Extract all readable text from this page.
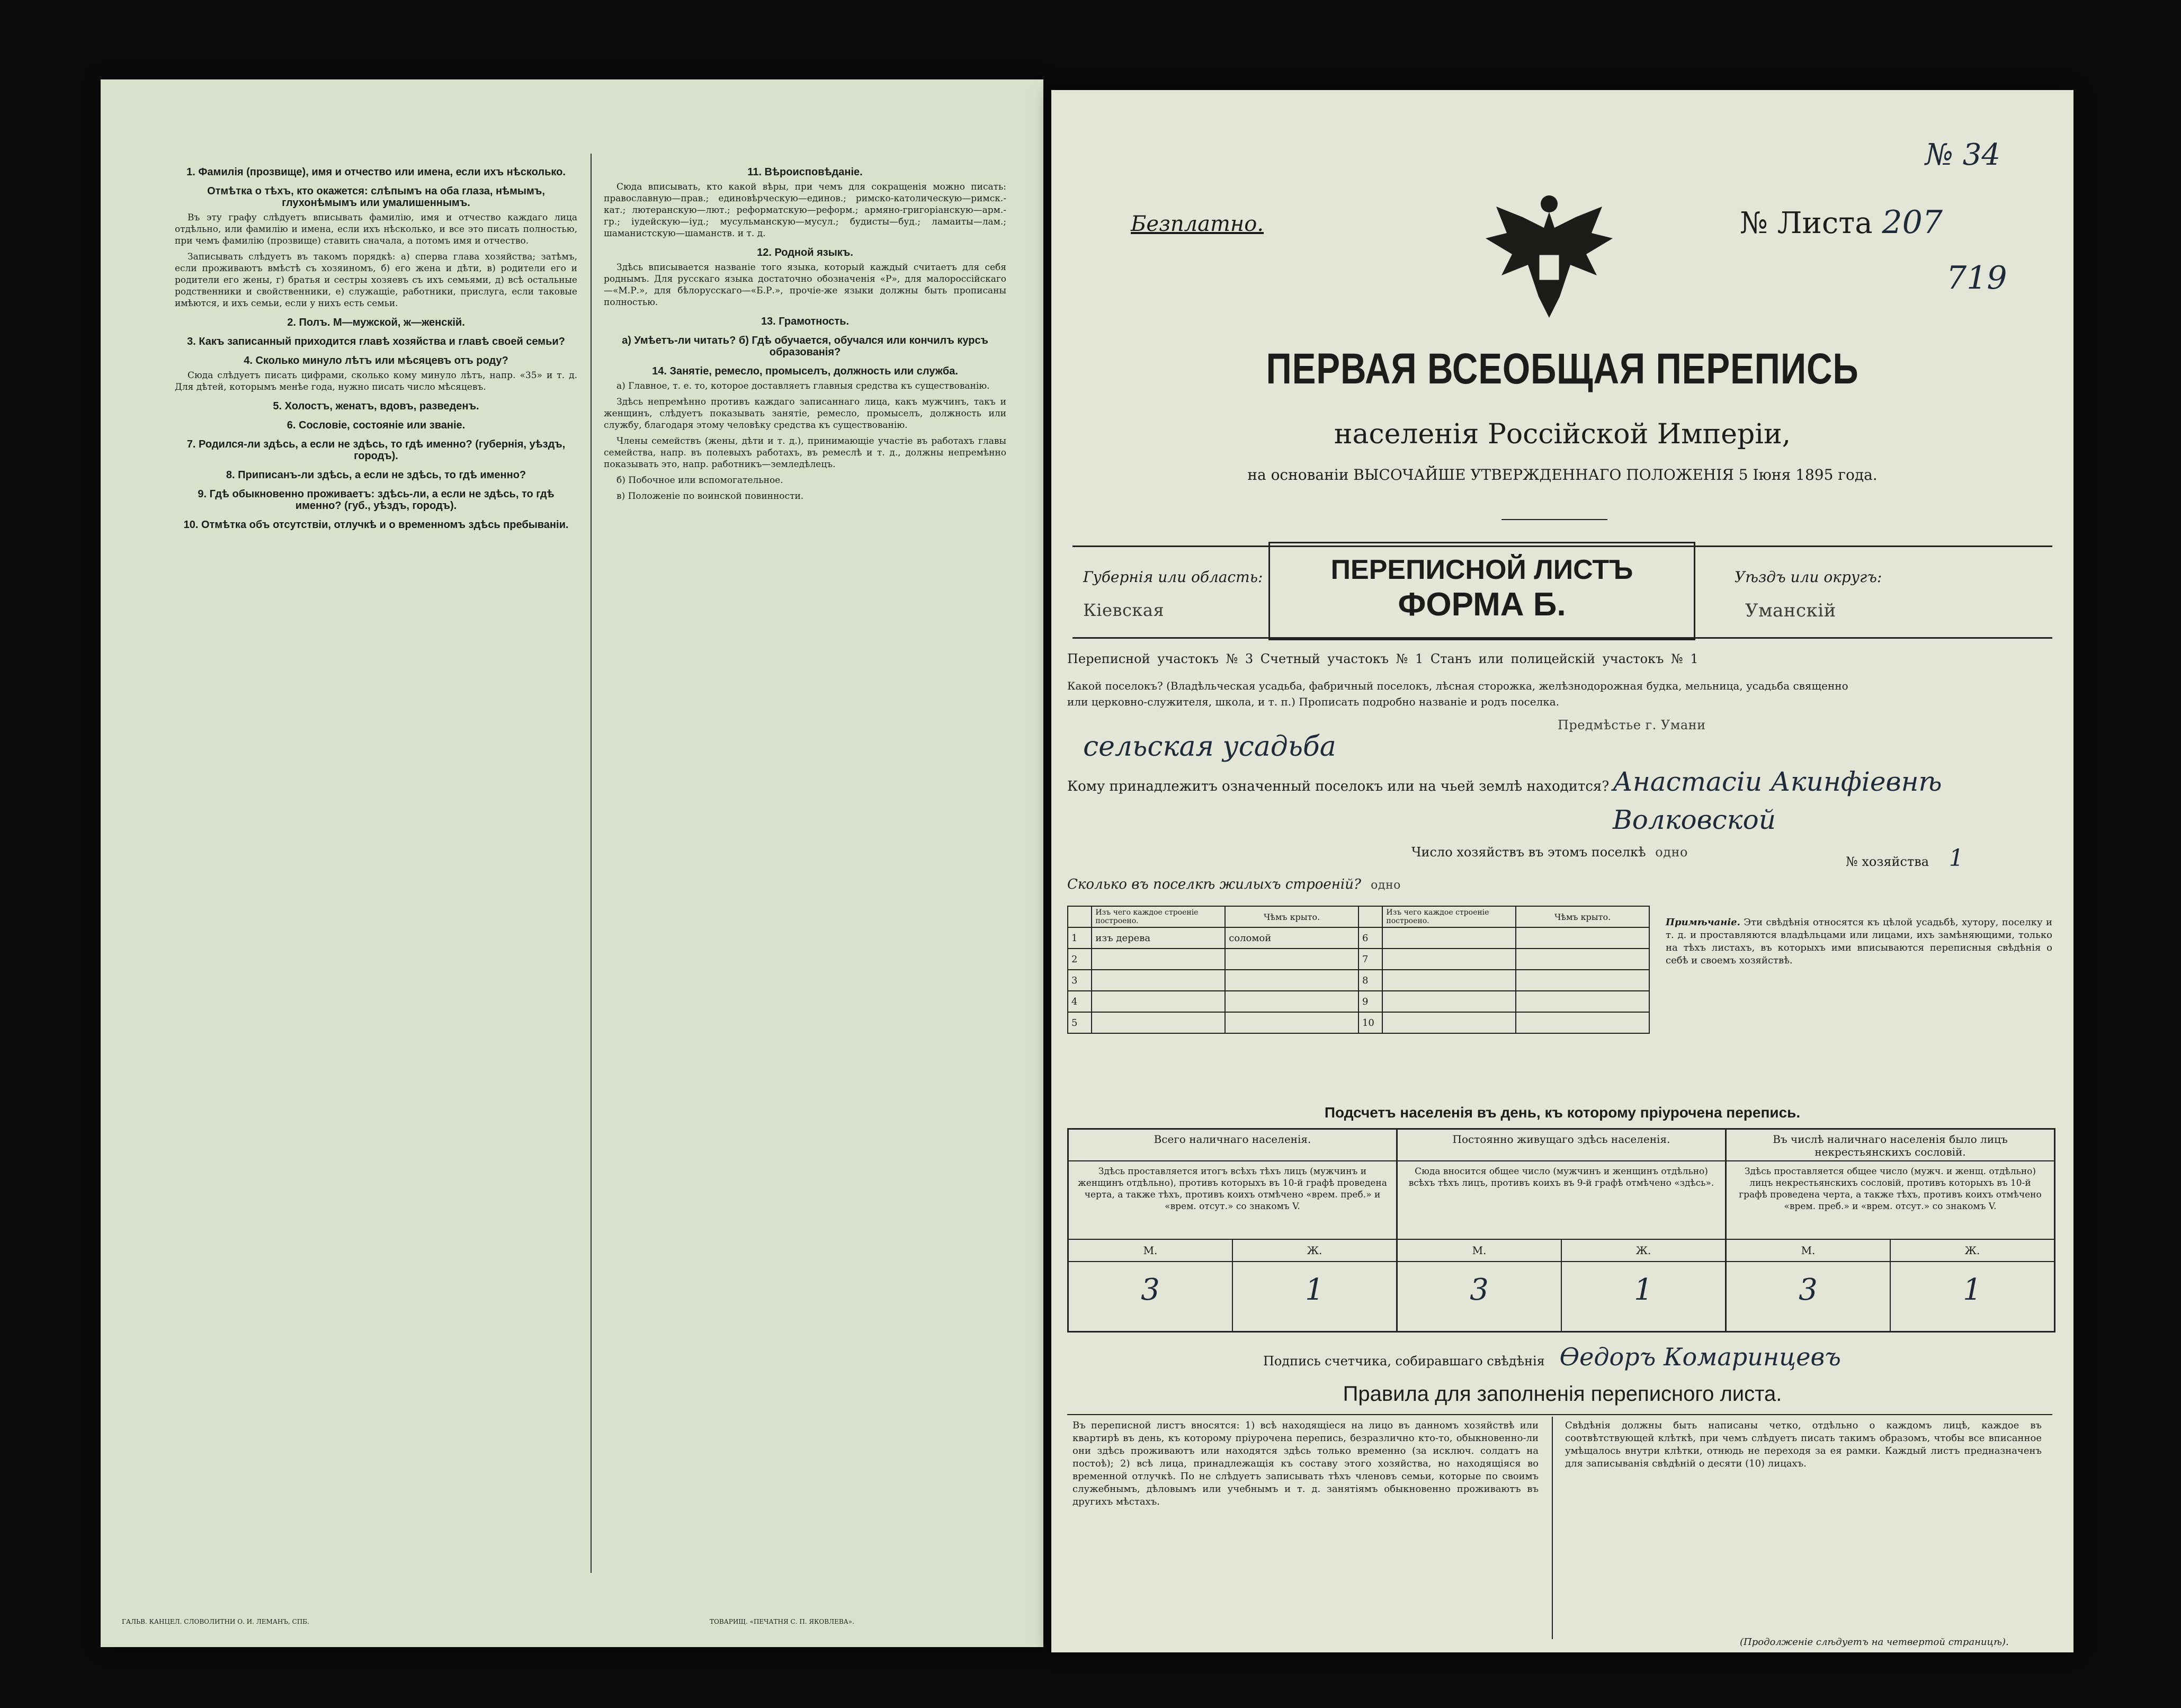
1. Фамилія (прозвище), имя и отчество или имена, если ихъ нѣсколько.
Отмѣтка о тѣхъ, кто окажется: слѣпымъ на оба глаза, нѣмымъ, глухонѣмымъ или умалишеннымъ.

Въ эту графу слѣдуетъ вписывать фамилію, имя и отчество каждаго лица отдѣльно, или фамилію и имена, если ихъ нѣсколько, и все это писать полностью, при чемъ фамилію (прозвище) ставить сначала, а потомъ имя и отчество.

Записывать слѣдуетъ въ такомъ порядкѣ: а) сперва глава хозяйства; затѣмъ, если проживаютъ вмѣстѣ съ хозяиномъ, б) его жена и дѣти, в) родители его и родители его жены, г) братья и сестры хозяевъ съ ихъ семьями, д) всѣ остальные родственники и свойственники, е) служащіе, работники, прислуга, если таковые имѣются, и ихъ семьи, если у нихъ есть семьи.

2. Полъ. М—мужской, ж—женскій.
3. Какъ записанный приходится главѣ хозяйства и главѣ своей семьи?
4. Сколько минуло лѣтъ или мѣсяцевъ отъ роду?

Сюда слѣдуетъ писать цифрами, сколько кому минуло лѣтъ, напр. «35» и т. д. Для дѣтей, которымъ менѣе года, нужно писать число мѣсяцевъ.

5. Холостъ, женатъ, вдовъ, разведенъ.
6. Сословіе, состояніе или званіе.
7. Родился-ли здѣсь, а если не здѣсь, то гдѣ именно? (губернія, уѣздъ, городъ).
8. Приписанъ-ли здѣсь, а если не здѣсь, то гдѣ именно?
9. Гдѣ обыкновенно проживаетъ: здѣсь-ли, а если не здѣсь, то гдѣ именно? (губ., уѣздъ, городъ).
10. Отмѣтка объ отсутствіи, отлучкѣ и о временномъ здѣсь пребываніи.
11. Вѣроисповѣданіе.

Сюда вписывать, кто какой вѣры, при чемъ для сокращенія можно писать: православную—прав.; единовѣрческую—единов.; римско-католическую—римск.-кат.; лютеранскую—лют.; реформатскую—реформ.; армяно-григоріанскую—арм.-гр.; іудейскую—іуд.; мусульманскую—мусул.; будисты—буд.; ламаиты—лам.; шаманистскую—шаманств. и т. д.

12. Родной языкъ.

Здѣсь вписывается названіе того языка, который каждый считаетъ для себя роднымъ. Для русскаго языка достаточно обозначенія «Р», для малороссійскаго—«М.Р.», для бѣлорусскаго—«Б.Р.», прочіе-же языки должны быть прописаны полностью.

13. Грамотность.
а) Умѣетъ-ли читать? б) Гдѣ обучается, обучался или кончилъ курсъ образованія?
14. Занятіе, ремесло, промыселъ, должность или служба.

а) Главное, т. е. то, которое доставляетъ главныя средства къ существованію.

Здѣсь непремѣнно противъ каждаго записаннаго лица, какъ мужчинъ, такъ и женщинъ, слѣдуетъ показывать занятіе, ремесло, промыселъ, должность или службу, благодаря этому человѣку средства къ существованію.

Члены семействъ (жены, дѣти и т. д.), принимающіе участіе въ работахъ главы семейства, напр. въ полевыхъ работахъ, въ ремеслѣ и т. д., должны непремѣнно показывать это, напр. работникъ—земледѣлецъ.

б) Побочное или вспомогательное.

в) Положеніе по воинской повинности.

ГАЛЬВ. КАНЦЕЛ. СЛОВОЛИТНИ О. И. ЛЕМАНЪ, СПБ.	ТОВАРИЩ. «ПЕЧАТНЯ С. П. ЯКОВЛЕВА».
№ 34
719
Безплатно.	№ Листа 207
ПЕРВАЯ ВСЕОБЩАЯ ПЕРЕПИСЬ
населенія Россійской Имперіи,
на основаніи ВЫСОЧАЙШЕ УТВЕРЖДЕННАГО ПОЛОЖЕНІЯ 5 Іюня 1895 года.
Губернія или область:
Кіевская
ПЕРЕПИСНОЙ ЛИСТЪ
ФОРМА Б.
Уѣздъ или округъ:
Уманскій
Переписной участокъ № 3 Счетный участокъ № 1 Станъ или полицейскій участокъ № 1
Какой поселокъ? (Владѣльческая усадьба, фабричный поселокъ, лѣсная сторожка, желѣзнодорожная будка, мельница, усадьба священно или церковно-служителя, школа, и т. п.) Прописать подробно названіе и родъ поселка.
Предмѣстье г. Умани
сельская усадьба
Кому принадлежитъ означенный поселокъ или на чьей землѣ находится? Анастасіи Акинфіевнѣ Волковской
Число хозяйствъ въ этомъ поселкѣ одно
№ хозяйства 1
Сколько въ поселкѣ жилыхъ строеній? одно
	Изъ чего каждое строеніе построено.	Чѣмъ крыто.		Изъ чего каждое строеніе построено.	Чѣмъ крыто.
1	изъ дерева	соломой	6		
2			7		
3			8		
4			9		
5			10		
Примѣчаніе. Эти свѣдѣнія относятся къ цѣлой усадьбѣ, хутору, поселку и т. д. и проставляются владѣльцами или лицами, ихъ замѣняющими, только на тѣхъ листахъ, въ которыхъ ими вписываются переписныя свѣдѣнія о себѣ и своемъ хозяйствѣ.
Подсчетъ населенія въ день, къ которому пріурочена перепись.
Всего наличнаго населенія.
Здѣсь проставляется итогъ всѣхъ тѣхъ лицъ (мужчинъ и женщинъ отдѣльно), противъ которыхъ въ 10-й графѣ проведена черта, а также тѣхъ, противъ коихъ отмѣчено «врем. преб.» и «врем. отсут.» со знакомъ V.
М.	Ж.
3	1
Постоянно живущаго здѣсь населенія.
Сюда вносится общее число (мужчинъ и женщинъ отдѣльно) всѣхъ тѣхъ лицъ, противъ коихъ въ 9-й графѣ отмѣчено «здѣсь».
М.	Ж.
3	1
Въ числѣ наличнаго населенія было лицъ некрестьянскихъ сословій.
Здѣсь проставляется общее число (мужч. и женщ. отдѣльно) лицъ некрестьянскихъ сословій, противъ которыхъ въ 10-й графѣ проведена черта, а также тѣхъ, противъ коихъ отмѣчено «врем. преб.» и «врем. отсут.» со знакомъ V.
М.	Ж.
3	1
Подпись счетчика, собиравшаго свѣдѣнія Ѳедоръ Комаринцевъ
Правила для заполненія переписного листа.
Въ переписной листъ вносятся: 1) всѣ находящіеся на лицо въ данномъ хозяйствѣ или квартирѣ въ день, къ которому пріурочена перепись, безразлично кто-то, обыкновенно-ли они здѣсь проживаютъ или находятся здѣсь только временно (за исключ. солдатъ на постоѣ); 2) всѣ лица, принадлежащія къ составу этого хозяйства, но находящіяся во временной отлучкѣ. По не слѣдуетъ записывать тѣхъ членовъ семьи, которые по своимъ служебнымъ, дѣловымъ или учебнымъ и т. д. занятіямъ обыкновенно проживаютъ въ другихъ мѣстахъ.
Свѣдѣнія должны быть написаны четко, отдѣльно о каждомъ лицѣ, каждое въ соотвѣтствующей клѣткѣ, при чемъ слѣдуетъ писать такимъ образомъ, чтобы все вписанное умѣщалось внутри клѣтки, отнюдь не переходя за ея рамки. Каждый листъ предназначенъ для записыванія свѣдѣній о десяти (10) лицахъ.
(Продолженіе слѣдуетъ на четвертой страницѣ).
